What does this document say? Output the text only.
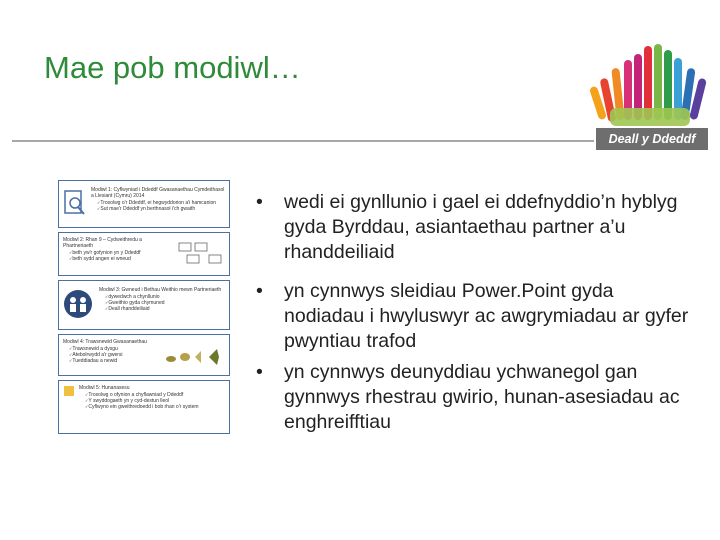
Mae pob modiwl…
Deall y Ddeddf
Modiwl 1: Cyflwyniad i Ddeddf Gwasanaethau Cymdeithasol a Llesiant (Cymru) 2014
✓ Trosolwg o'r Ddeddf, ei hegwyddorion a'i hamcanion
✓ Sut mae'r Ddeddf yn berthnasol i'ch gwaith
Modiwl 2: Rhan 9 – Cydweithredu a Phartneriaeth
✓ beth yw'r gofynion yn y Ddeddf
✓ beth sydd angen ei wneud
Modiwl 3: Gwneud i Bethau Weithio mewn Partneriaeth
✓ dywedwch a chynllunio
✓ Gweithio gyda chymuned
✓ Deall rhanddeiliaid
Modiwl 4: Trawsnewid Gwasanaethau
✓ Trawsnewid a dysgu
✓ Atebolrwydd a'r gwersi
✓ Tueddiadau a newid
Modiwl 5: Hunanasesu
✓ Trosolwg o ofynion a chyflawniad y Ddeddf
✓ Y swyddogaeth yn y cyd-destun lleol
✓ Cyflwyno ein gweithredoedd i bob rhan o'r system
• wedi ei gynllunio i gael ei ddefnyddio’n hyblyg gyda Byrddau, asiantaethau partner a’u rhanddeiliaid
• yn cynnwys sleidiau Power.Point gyda nodiadau i hwyluswyr ac awgrymiadau ar gyfer pwyntiau trafod
• yn cynnwys deunyddiau ychwanegol gan gynnwys rhestrau gwirio, hunan-asesiadau ac enghreifftiau
